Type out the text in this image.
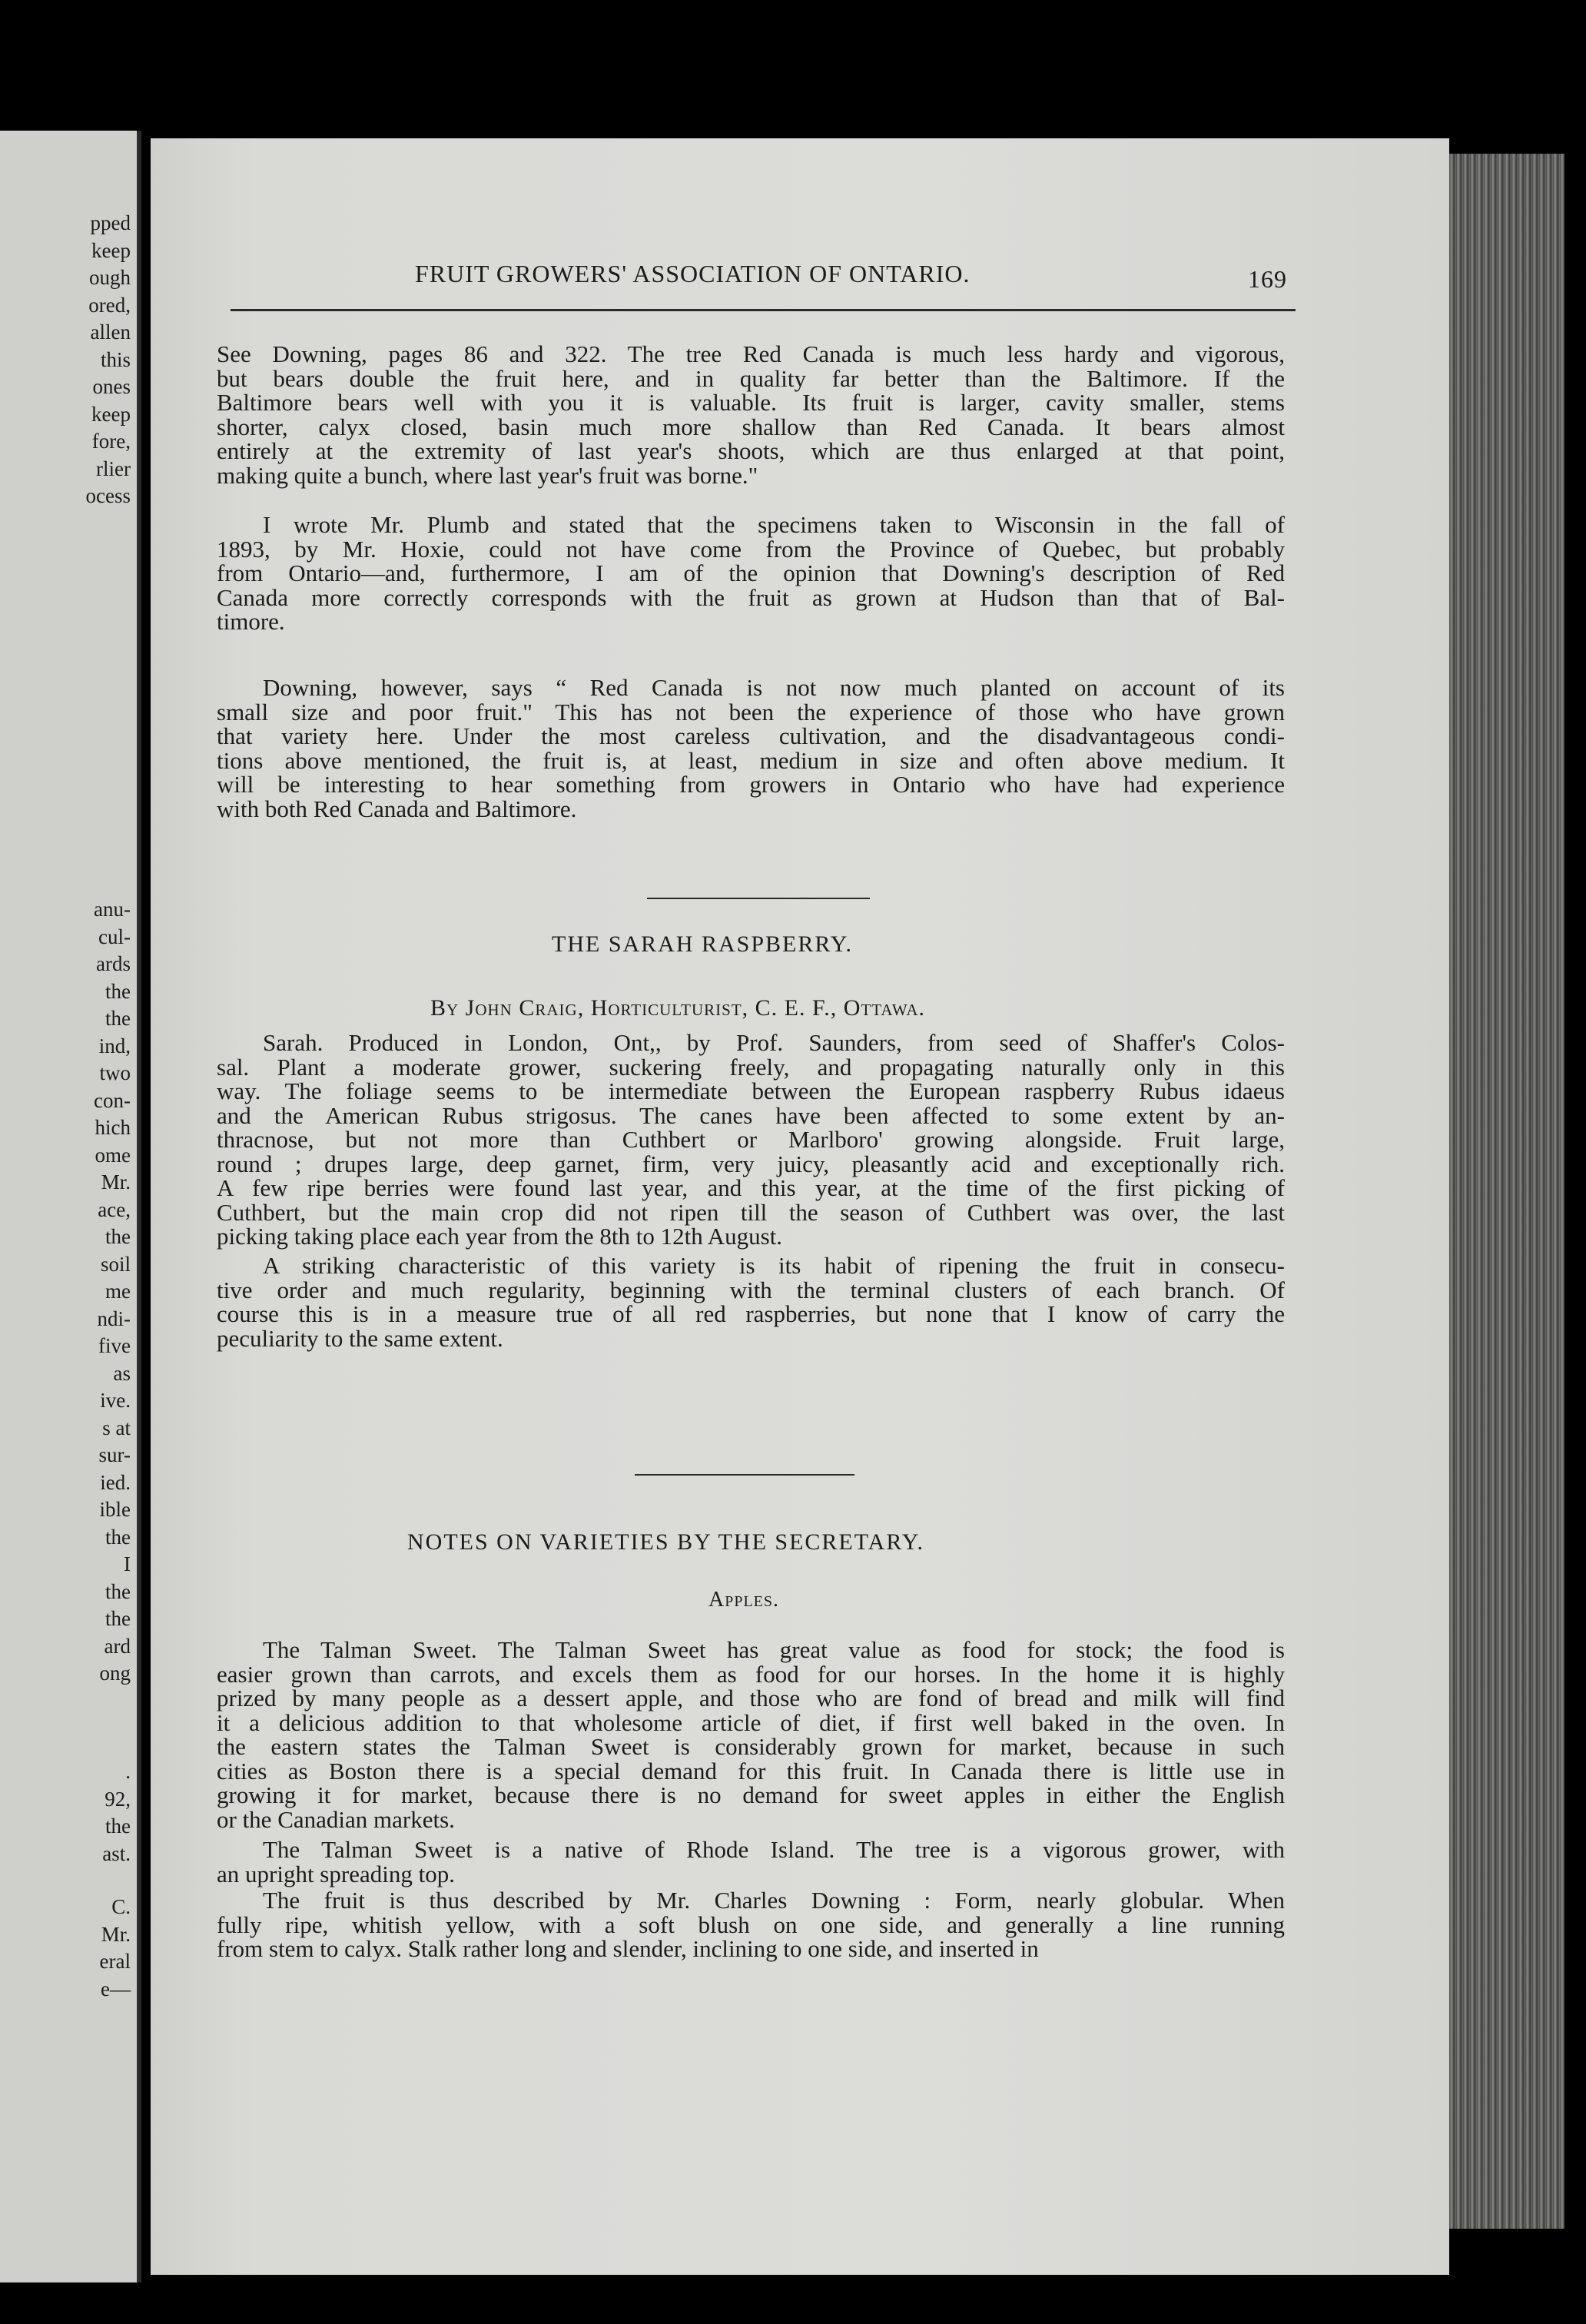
pped
keep
ough
ored,
allen
this
ones
keep
fore,
rlier
ocess
anu-
cul-
ards
the
the
ind,
two
con-
hich
ome
Mr.
ace,
the
soil
me
ndi-
five
as
ive.
s at
sur-
ied.
ible
the
I
the
the
ard
ong
.
92,
the
ast.
C.
Mr.
eral
e—
FRUIT GROWERS' ASSOCIATION OF ONTARIO.	169
See Downing, pages 86 and 322. The tree Red Canada is much less hardy and vigorous,
but bears double the fruit here, and in quality far better than the Baltimore. If the
Baltimore bears well with you it is valuable. Its fruit is larger, cavity smaller, stems
shorter, calyx closed, basin much more shallow than Red Canada. It bears almost
entirely at the extremity of last year's shoots, which are thus enlarged at that point,
making quite a bunch, where last year's fruit was borne."
I wrote Mr. Plumb and stated that the specimens taken to Wisconsin in the fall of
1893, by Mr. Hoxie, could not have come from the Province of Quebec, but probably
from Ontario—and, furthermore, I am of the opinion that Downing's description of Red
Canada more correctly corresponds with the fruit as grown at Hudson than that of Bal-
timore.
Downing, however, says “ Red Canada is not now much planted on account of its
small size and poor fruit." This has not been the experience of those who have grown
that variety here. Under the most careless cultivation, and the disadvantageous condi-
tions above mentioned, the fruit is, at least, medium in size and often above medium. It
will be interesting to hear something from growers in Ontario who have had experience
with both Red Canada and Baltimore.
Sarah. Produced in London, Ont,, by Prof. Saunders, from seed of Shaffer's Colos-
sal. Plant a moderate grower, suckering freely, and propagating naturally only in this
way. The foliage seems to be intermediate between the European raspberry Rubus idaeus
and the American Rubus strigosus. The canes have been affected to some extent by an-
thracnose, but not more than Cuthbert or Marlboro' growing alongside. Fruit large,
round ; drupes large, deep garnet, firm, very juicy, pleasantly acid and exceptionally rich.
A few ripe berries were found last year, and this year, at the time of the first picking of
Cuthbert, but the main crop did not ripen till the season of Cuthbert was over, the last
picking taking place each year from the 8th to 12th August.
A striking characteristic of this variety is its habit of ripening the fruit in consecu-
tive order and much regularity, beginning with the terminal clusters of each branch. Of
course this is in a measure true of all red raspberries, but none that I know of carry the
peculiarity to the same extent.
The Talman Sweet. The Talman Sweet has great value as food for stock; the food is
easier grown than carrots, and excels them as food for our horses. In the home it is highly
prized by many people as a dessert apple, and those who are fond of bread and milk will find
it a delicious addition to that wholesome article of diet, if first well baked in the oven. In
the eastern states the Talman Sweet is considerably grown for market, because in such
cities as Boston there is a special demand for this fruit. In Canada there is little use in
growing it for market, because there is no demand for sweet apples in either the English
or the Canadian markets.
The Talman Sweet is a native of Rhode Island. The tree is a vigorous grower, with
an upright spreading top.
The fruit is thus described by Mr. Charles Downing : Form, nearly globular. When
fully ripe, whitish yellow, with a soft blush on one side, and generally a line running
from stem to calyx. Stalk rather long and slender, inclining to one side, and inserted in
THE SARAH RASPBERRY.
By John Craig, Horticulturist, C. E. F., Ottawa.
NOTES ON VARIETIES BY THE SECRETARY.
Apples.
